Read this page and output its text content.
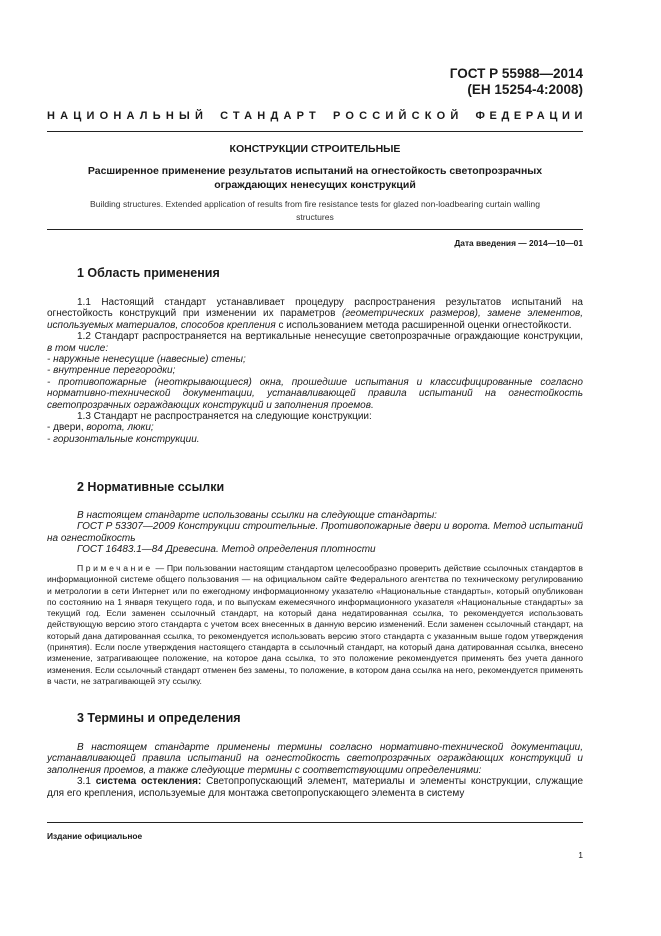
ГОСТ Р 55988—2014
(ЕН 15254-4:2008)
НАЦИОНАЛЬНЫЙ СТАНДАРТ РОССИЙСКОЙ ФЕДЕРАЦИИ
КОНСТРУКЦИИ СТРОИТЕЛЬНЫЕ
Расширенное применение результатов испытаний на огнестойкость светопрозрачных
ограждающих ненесущих конструкций
Building structures. Extended application of results from fire resistance tests for glazed non-loadbearing curtain walling
structures
Дата введения — 2014—10—01
1 Область применения

1.1 Настоящий стандарт устанавливает процедуру распространения результатов испытаний на огнестойкость конструкций при изменении их параметров (геометрических размеров), замене элементов, используемых материалов, способов крепления с использованием метода расширенной оценки огнестойкости.

1.2 Стандарт распространяется на вертикальные ненесущие светопрозрачные ограждающие конструкции, в том числе:

- наружные ненесущие (навесные) стены;

- внутренние перегородки;

- противопожарные (неоткрывающиеся) окна, прошедшие испытания и классифицированные согласно нормативно-технической документации, устанавливающей правила испытаний на огнестойкость светопрозрачных ограждающих конструкций и заполнения проемов.

1.3 Стандарт не распространяется на следующие конструкции:

- двери, ворота, люки;

- горизонтальные конструкции.

2 Нормативные ссылки

В настоящем стандарте использованы ссылки на следующие стандарты:

ГОСТ Р 53307—2009 Конструкции строительные. Противопожарные двери и ворота. Метод испытаний на огнестойкость

ГОСТ 16483.1—84 Древесина. Метод определения плотности

Примечание — При пользовании настоящим стандартом целесообразно проверить действие ссылочных стандартов в информационной системе общего пользования — на официальном сайте Федерального агентства по техническому регулированию и метрологии в сети Интернет или по ежегодному информационному указателю «Национальные стандарты», который опубликован по состоянию на 1 января текущего года, и по выпускам ежемесячного информационного указателя «Национальные стандарты» за текущий год. Если заменен ссылочный стандарт, на который дана недатированная ссылка, то рекомендуется использовать действующую версию этого стандарта с учетом всех внесенных в данную версию изменений. Если заменен ссылочный стандарт, на который дана датированная ссылка, то рекомендуется использовать версию этого стандарта с указанным выше годом утверждения (принятия). Если после утверждения настоящего стандарта в ссылочный стандарт, на который дана датированная ссылка, внесено изменение, затрагивающее положение, на которое дана ссылка, то это положение рекомендуется применять без учета данного изменения. Если ссылочный стандарт отменен без замены, то положение, в котором дана ссылка на него, рекомендуется применять в части, не затрагивающей эту ссылку.

3 Термины и определения

В настоящем стандарте применены термины согласно нормативно-технической документации, устанавливающей правила испытаний на огнестойкость светопрозрачных ограждающих конструкций и заполнения проемов, а также следующие термины с соответствующими определениями:

3.1 система остекления: Светопропускающий элемент, материалы и элементы конструкции, служащие для его крепления, используемые для монтажа светопропускающего элемента в систему

Издание официальное
1
